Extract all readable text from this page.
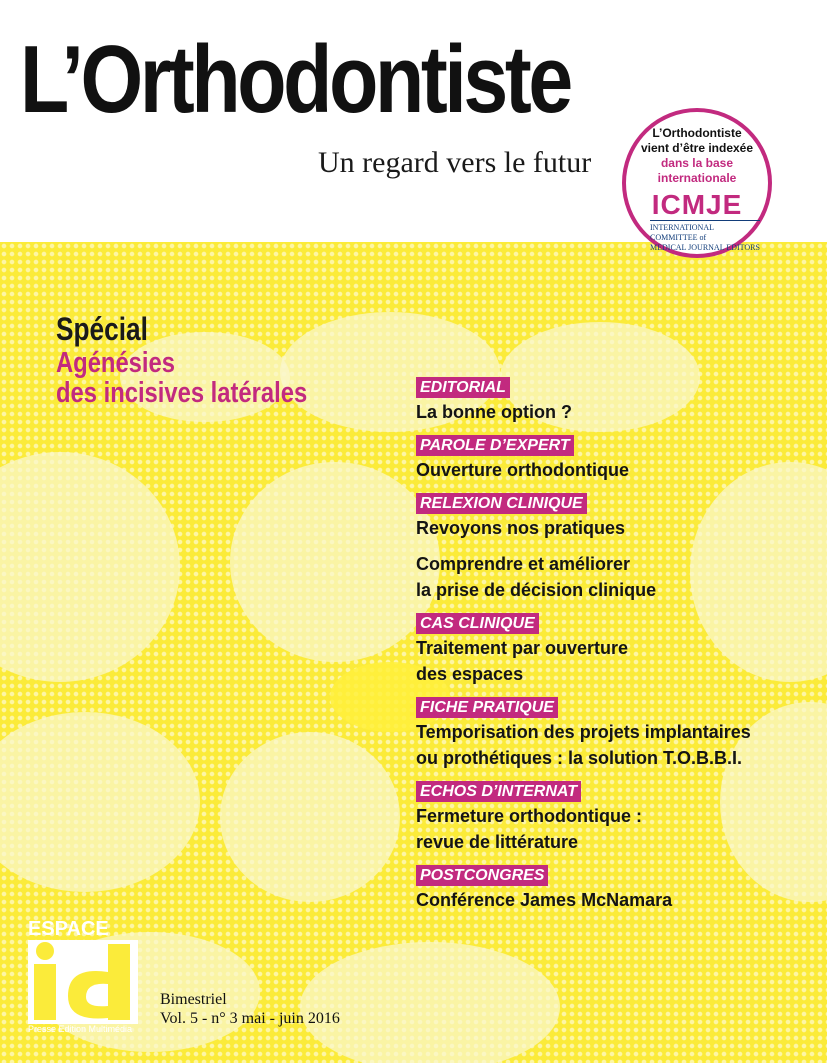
L’Orthodontiste
Un regard vers le futur
L’Orthodontiste
vient d’être indexée
dans la base
internationale
ICMJE
INTERNATIONAL COMMITTEE of
MEDICAL JOURNAL EDITORS
Spécial
Agénésies
des incisives latérales	EDITORIAL
La bonne option ?
PAROLE D’EXPERT
Ouverture orthodontique
RELEXION CLINIQUE
Revoyons nos pratiques
Comprendre et améliorer
la prise de décision clinique
CAS CLINIQUE
Traitement par ouverture
des espaces
FICHE PRATIQUE
Temporisation des projets implantaires
ou prothétiques : la solution T.O.B.B.I.
ECHOS D’INTERNAT
Fermeture orthodontique :
revue de littérature
POSTCONGRES
Conférence James McNamara
ESPACE
Presse Edition Multimédia
Bimestriel
Vol. 5 - n° 3 mai - juin 2016
